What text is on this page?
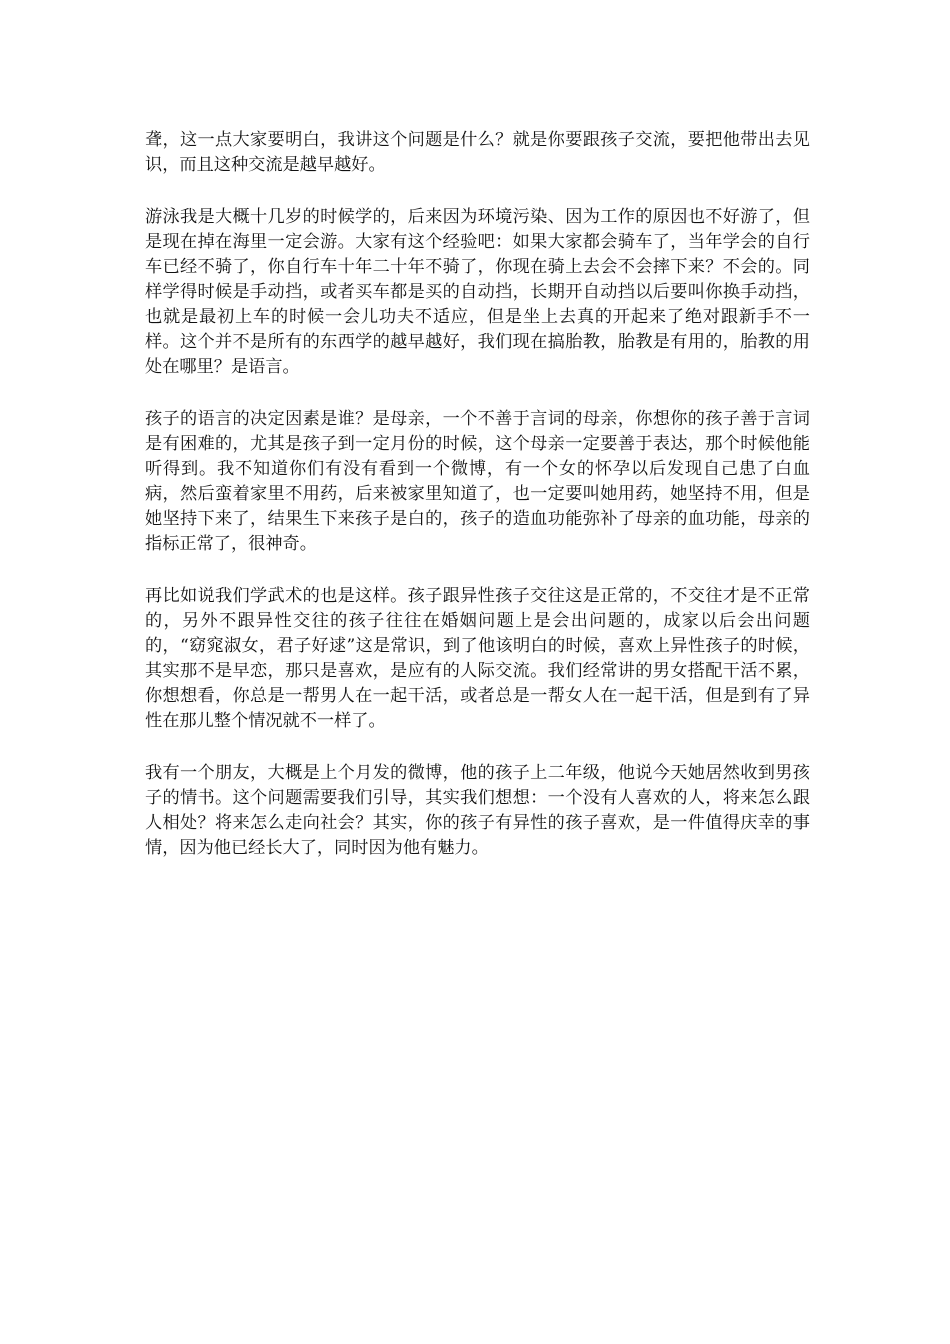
聋，这一点大家要明白，我讲这个问题是什么？就是你要跟孩子交流，要把他带出去见识，而且这种交流是越早越好。

游泳我是大概十几岁的时候学的，后来因为环境污染、因为工作的原因也不好游了，但是现在掉在海里一定会游。大家有这个经验吧：如果大家都会骑车了，当年学会的自行车已经不骑了，你自行车十年二十年不骑了，你现在骑上去会不会摔下来？不会的。同样学得时候是手动挡，或者买车都是买的自动挡，长期开自动挡以后要叫你换手动挡，也就是最初上车的时候一会儿功夫不适应，但是坐上去真的开起来了绝对跟新手不一样。这个并不是所有的东西学的越早越好，我们现在搞胎教，胎教是有用的，胎教的用处在哪里？是语言。

孩子的语言的决定因素是谁？是母亲，一个不善于言词的母亲，你想你的孩子善于言词是有困难的，尤其是孩子到一定月份的时候，这个母亲一定要善于表达，那个时候他能听得到。我不知道你们有没有看到一个微博，有一个女的怀孕以后发现自己患了白血病，然后蛮着家里不用药，后来被家里知道了，也一定要叫她用药，她坚持不用，但是她坚持下来了，结果生下来孩子是白的，孩子的造血功能弥补了母亲的血功能，母亲的指标正常了，很神奇。

再比如说我们学武术的也是这样。孩子跟异性孩子交往这是正常的，不交往才是不正常的，另外不跟异性交往的孩子往往在婚姻问题上是会出问题的，成家以后会出问题的，“窈窕淑女，君子好逑”这是常识，到了他该明白的时候，喜欢上异性孩子的时候，其实那不是早恋，那只是喜欢，是应有的人际交流。我们经常讲的男女搭配干活不累，你想想看，你总是一帮男人在一起干活，或者总是一帮女人在一起干活，但是到有了异性在那儿整个情况就不一样了。

我有一个朋友，大概是上个月发的微博，他的孩子上二年级，他说今天她居然收到男孩子的情书。这个问题需要我们引导，其实我们想想：一个没有人喜欢的人，将来怎么跟人相处？将来怎么走向社会？其实，你的孩子有异性的孩子喜欢，是一件值得庆幸的事情，因为他已经长大了，同时因为他有魅力。
